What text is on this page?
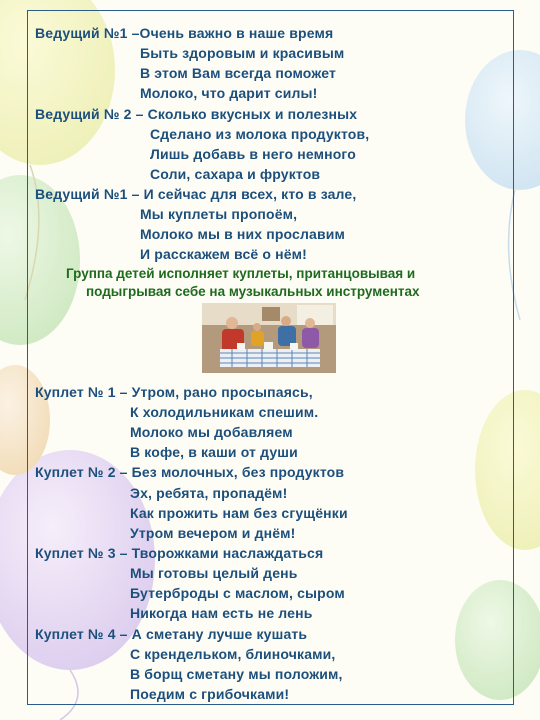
Ведущий №1 –Очень важно в наше время
Быть здоровым и красивым
В этом Вам всегда поможет
Молоко, что дарит силы!
Ведущий № 2 – Сколько вкусных и полезных
Сделано из молока продуктов,
Лишь добавь в него немного
Соли, сахара и фруктов
Ведущий №1 – И сейчас для всех, кто в зале,
Мы куплеты пропоём,
Молоко мы в них прославим
И расскажем всё о нём!
Группа детей исполняет куплеты, пританцовывая и
подыгрывая себе на музыкальных инструментах
Куплет № 1 – Утром, рано просыпаясь,
К холодильникам спешим.
Молоко мы добавляем
В кофе, в каши от души
Куплет № 2 – Без молочных, без продуктов
Эх, ребята, пропадём!
Как прожить нам без сгущёнки
Утром вечером и днём!
Куплет № 3 – Творожками наслаждаться
Мы готовы целый день
Бутерброды с маслом, сыром
Никогда нам есть не лень
Куплет № 4 – А сметану лучше кушать
С крендельком, блиночками,
В борщ сметану мы положим,
Поедим с грибочками!
